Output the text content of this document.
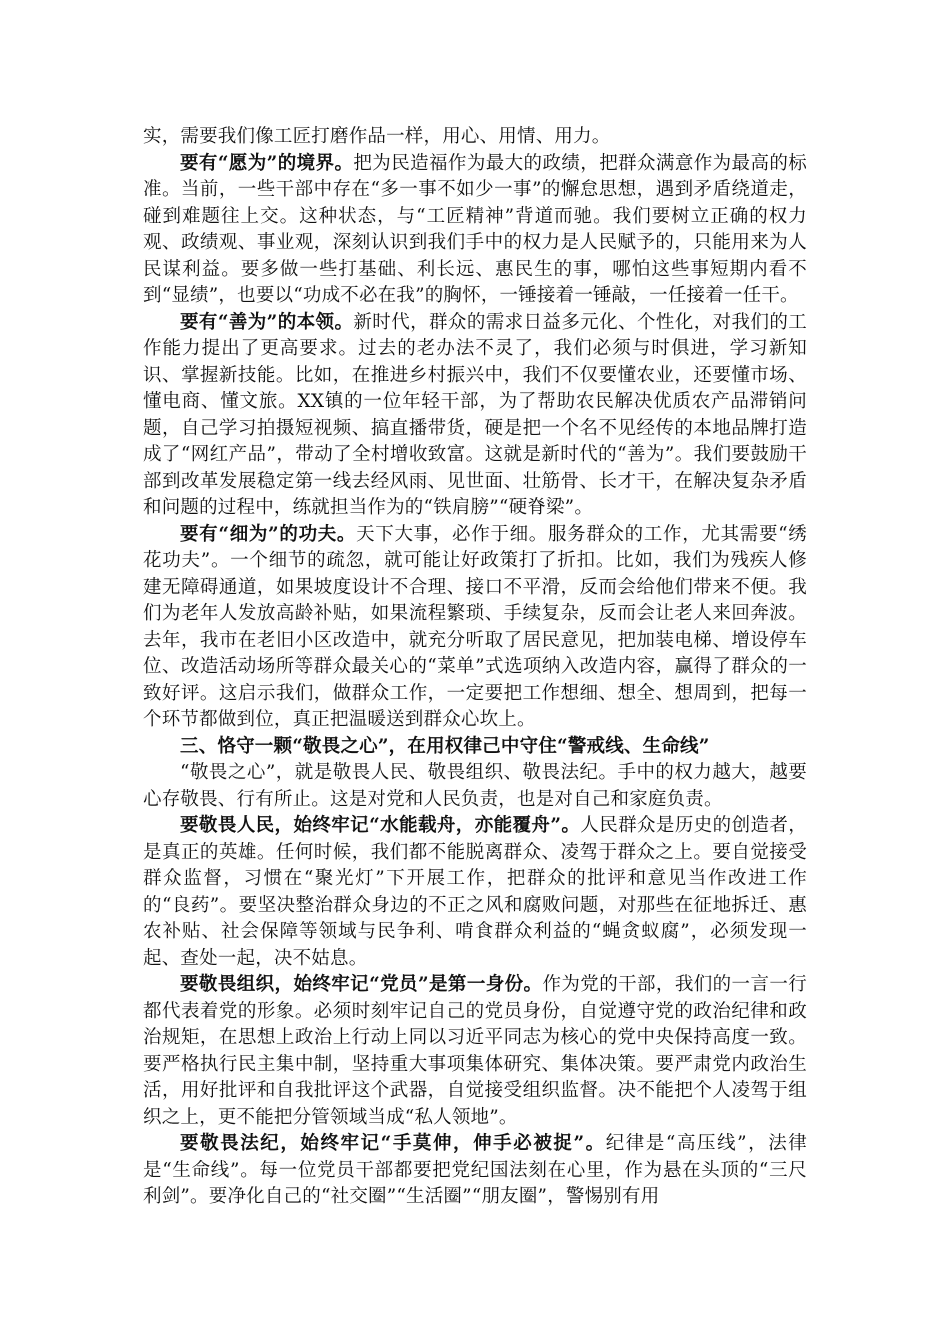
实，需要我们像工匠打磨作品一样，用心、用情、用力。

要有“愿为”的境界。把为民造福作为最大的政绩，把群众满意作为最高的标准。当前，一些干部中存在“多一事不如少一事”的懈怠思想，遇到矛盾绕道走，碰到难题往上交。这种状态，与“工匠精神”背道而驰。我们要树立正确的权力观、政绩观、事业观，深刻认识到我们手中的权力是人民赋予的，只能用来为人民谋利益。要多做一些打基础、利长远、惠民生的事，哪怕这些事短期内看不到“显绩”，也要以“功成不必在我”的胸怀，一锤接着一锤敲，一任接着一任干。

要有“善为”的本领。新时代，群众的需求日益多元化、个性化，对我们的工作能力提出了更高要求。过去的老办法不灵了，我们必须与时俱进，学习新知识、掌握新技能。比如，在推进乡村振兴中，我们不仅要懂农业，还要懂市场、懂电商、懂文旅。XX镇的一位年轻干部，为了帮助农民解决优质农产品滞销问题，自己学习拍摄短视频、搞直播带货，硬是把一个名不见经传的本地品牌打造成了“网红产品”，带动了全村增收致富。这就是新时代的“善为”。我们要鼓励干部到改革发展稳定第一线去经风雨、见世面、壮筋骨、长才干，在解决复杂矛盾和问题的过程中，练就担当作为的“铁肩膀”“硬脊梁”。

要有“细为”的功夫。天下大事，必作于细。服务群众的工作，尤其需要“绣花功夫”。一个细节的疏忽，就可能让好政策打了折扣。比如，我们为残疾人修建无障碍通道，如果坡度设计不合理、接口不平滑，反而会给他们带来不便。我们为老年人发放高龄补贴，如果流程繁琐、手续复杂，反而会让老人来回奔波。去年，我市在老旧小区改造中，就充分听取了居民意见，把加装电梯、增设停车位、改造活动场所等群众最关心的“菜单”式选项纳入改造内容，赢得了群众的一致好评。这启示我们，做群众工作，一定要把工作想细、想全、想周到，把每一个环节都做到位，真正把温暖送到群众心坎上。

三、恪守一颗“敬畏之心”，在用权律己中守住“警戒线、生命线”

“敬畏之心”，就是敬畏人民、敬畏组织、敬畏法纪。手中的权力越大，越要心存敬畏、行有所止。这是对党和人民负责，也是对自己和家庭负责。

要敬畏人民，始终牢记“水能载舟，亦能覆舟”。人民群众是历史的创造者，是真正的英雄。任何时候，我们都不能脱离群众、凌驾于群众之上。要自觉接受群众监督，习惯在“聚光灯”下开展工作，把群众的批评和意见当作改进工作的“良药”。要坚决整治群众身边的不正之风和腐败问题，对那些在征地拆迁、惠农补贴、社会保障等领域与民争利、啃食群众利益的“蝇贪蚁腐”，必须发现一起、查处一起，决不姑息。

要敬畏组织，始终牢记“党员”是第一身份。作为党的干部，我们的一言一行都代表着党的形象。必须时刻牢记自己的党员身份，自觉遵守党的政治纪律和政治规矩，在思想上政治上行动上同以习近平同志为核心的党中央保持高度一致。要严格执行民主集中制，坚持重大事项集体研究、集体决策。要严肃党内政治生活，用好批评和自我批评这个武器，自觉接受组织监督。决不能把个人凌驾于组织之上，更不能把分管领域当成“私人领地”。

要敬畏法纪，始终牢记“手莫伸，伸手必被捉”。纪律是“高压线”，法律是“生命线”。每一位党员干部都要把党纪国法刻在心里，作为悬在头顶的“三尺利剑”。要净化自己的“社交圈”“生活圈”“朋友圈”，警惕别有用
